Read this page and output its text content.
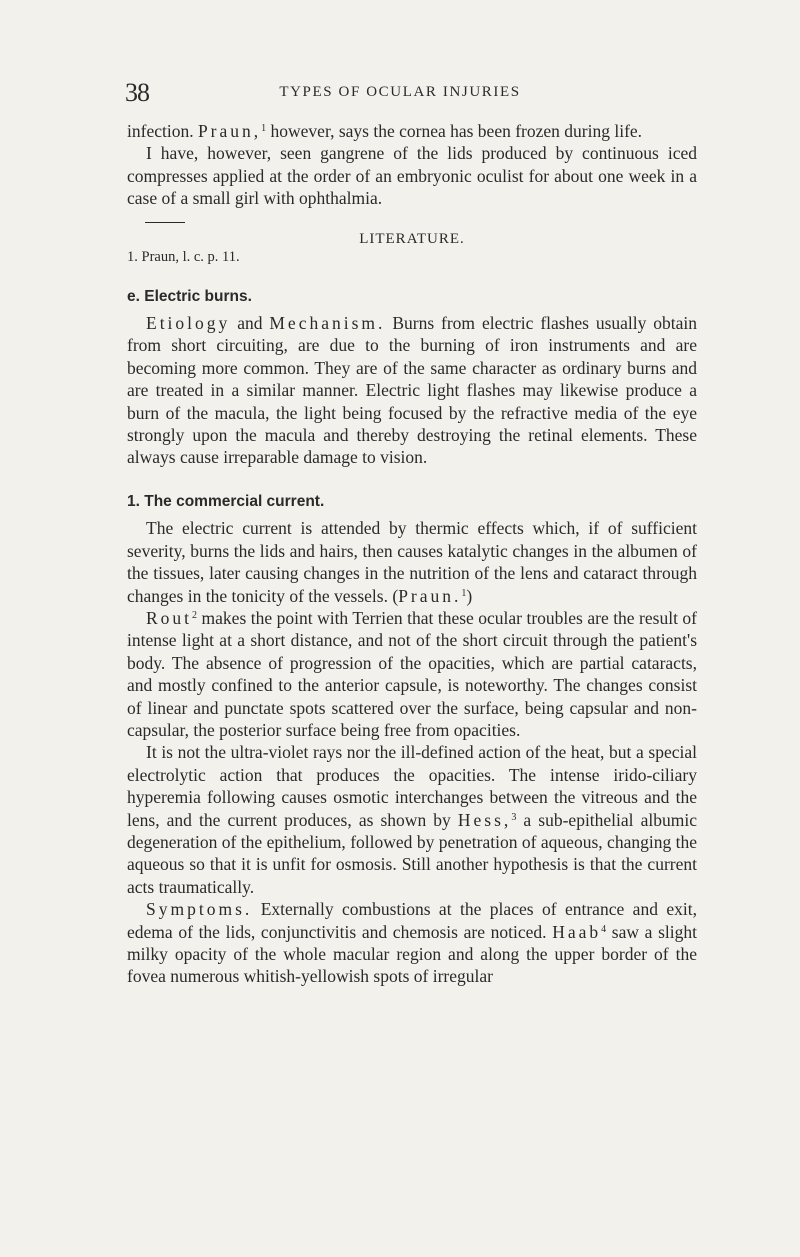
38	TYPES OF OCULAR INJURIES

infection. Praun,$^1$ however, says the cornea has been frozen during life.

I have, however, seen gangrene of the lids produced by continuous iced compresses applied at the order of an embryonic oculist for about one week in a case of a small girl with ophthalmia.

LITERATURE.
1. Praun, l. c. p. 11.
e. Electric burns.

Etiology and Mechanism. Burns from electric flashes usually obtain from short circuiting, are due to the burning of iron instruments and are becoming more common. They are of the same character as ordinary burns and are treated in a similar manner. Electric light flashes may likewise produce a burn of the macula, the light being focused by the refractive media of the eye strongly upon the macula and thereby destroying the retinal elements. These always cause irreparable damage to vision.

1. The commercial current.

The electric current is attended by thermic effects which, if of sufficient severity, burns the lids and hairs, then causes katalytic changes in the albumen of the tissues, later causing changes in the nutrition of the lens and cataract through changes in the tonicity of the vessels. (Praun.$^1$)

Rout$^2$ makes the point with Terrien that these ocular troubles are the result of intense light at a short distance, and not of the short circuit through the patient's body. The absence of progression of the opacities, which are partial cataracts, and mostly confined to the anterior capsule, is noteworthy. The changes consist of linear and punctate spots scattered over the surface, being capsular and non-capsular, the posterior surface being free from opacities.

It is not the ultra-violet rays nor the ill-defined action of the heat, but a special electrolytic action that produces the opacities. The intense irido-ciliary hyperemia following causes osmotic interchanges between the vitreous and the lens, and the current produces, as shown by Hess,$^3$ a sub-epithelial albumic degeneration of the epithelium, followed by penetration of aqueous, changing the aqueous so that it is unfit for osmosis. Still another hypothesis is that the current acts traumatically.

Symptoms. Externally combustions at the places of entrance and exit, edema of the lids, conjunctivitis and chemosis are noticed. Haab$^4$ saw a slight milky opacity of the whole macular region and along the upper border of the fovea numerous whitish-yellowish spots of irregular
